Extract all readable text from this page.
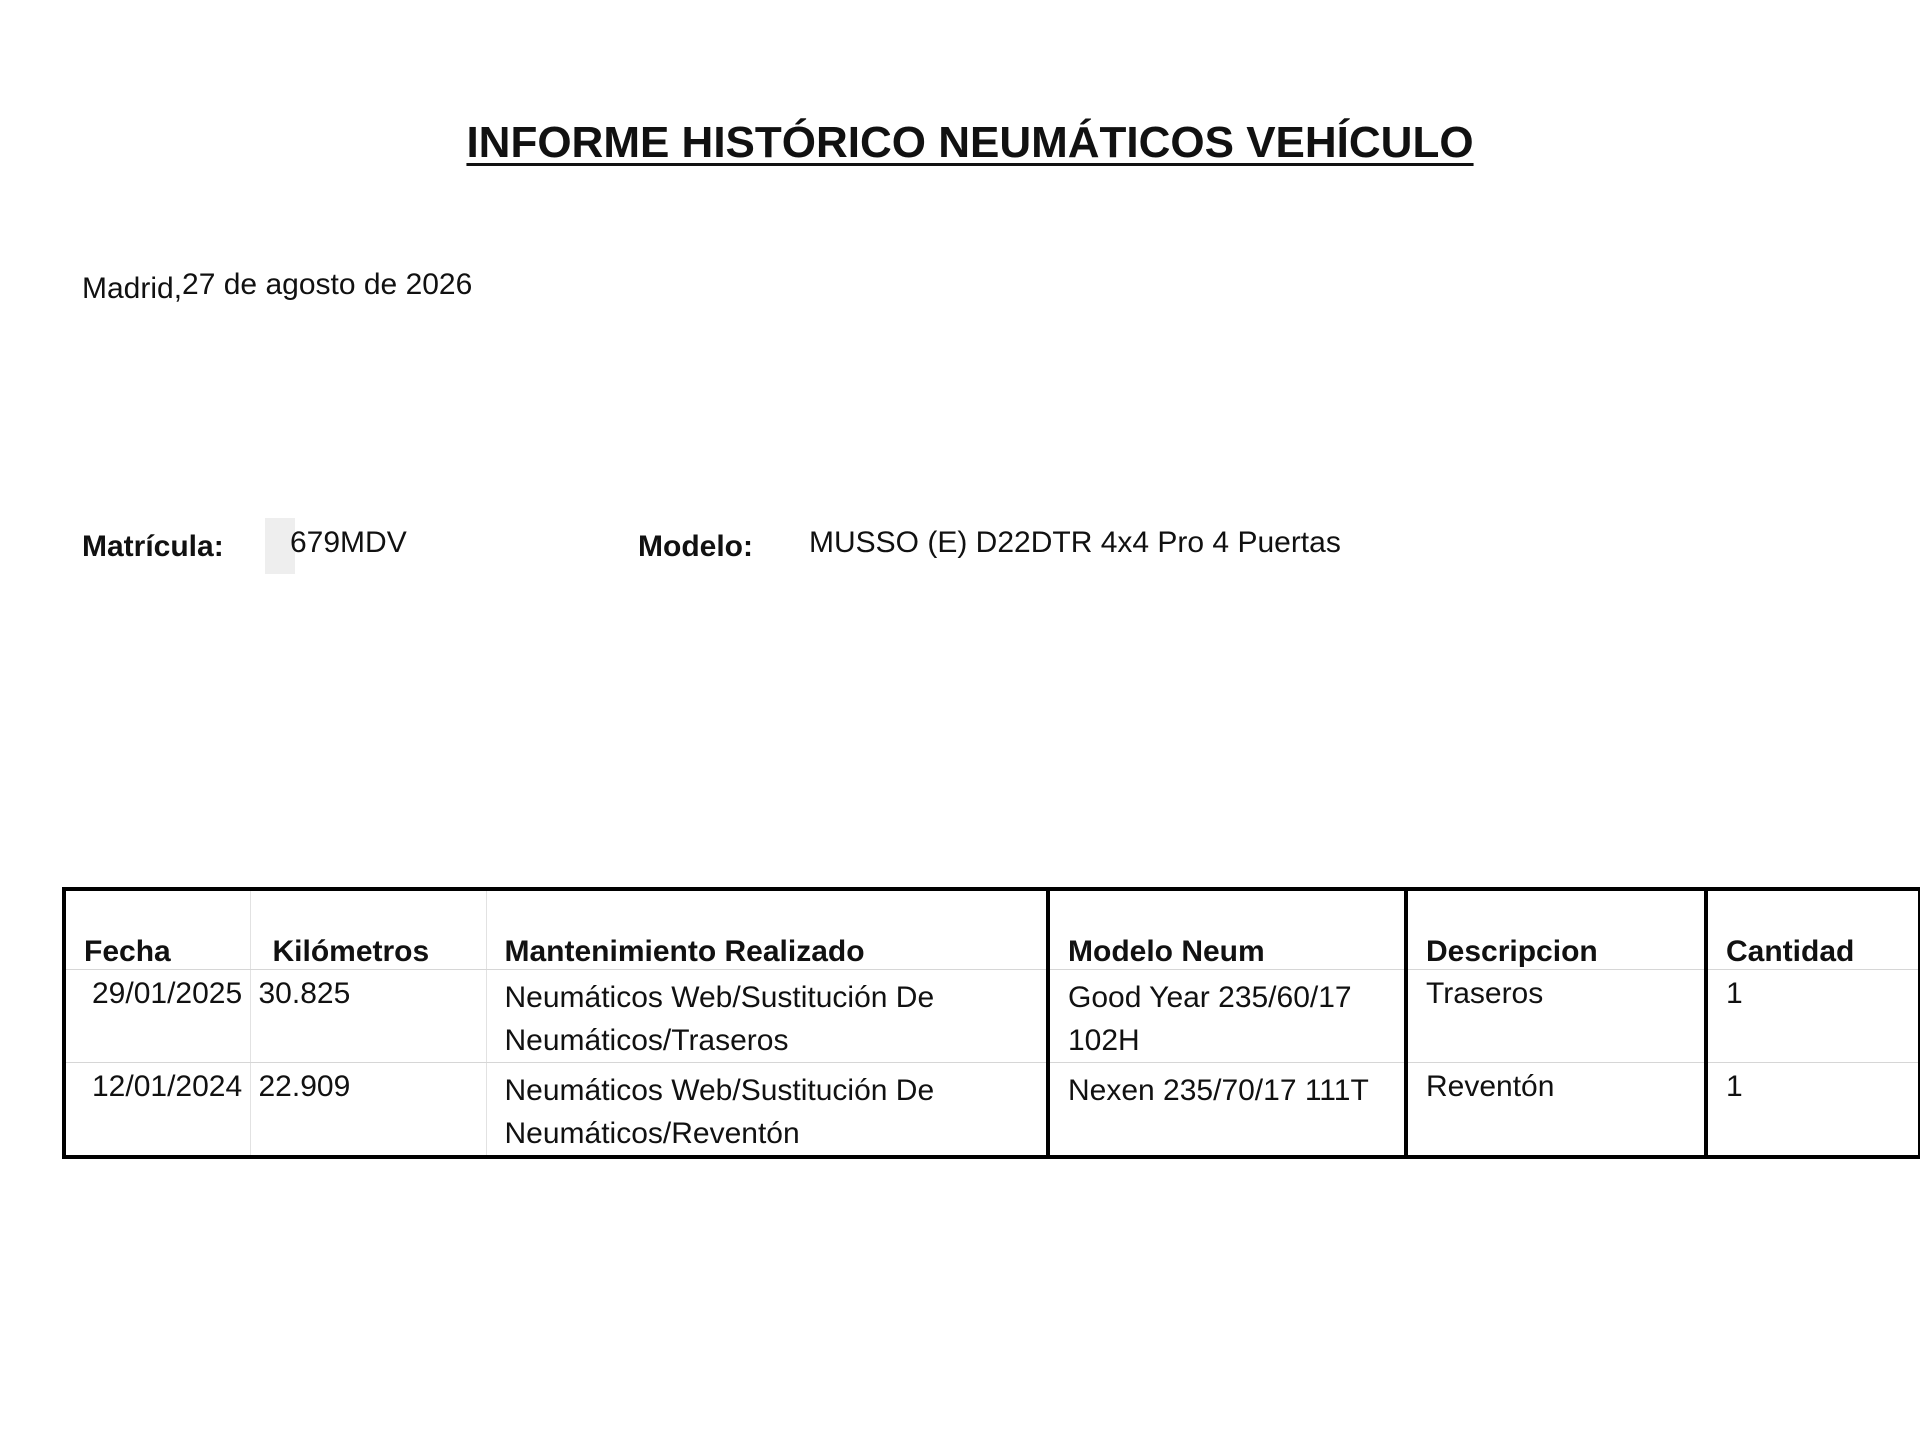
INFORME HISTÓRICO NEUMÁTICOS VEHÍCULO
Madrid,27 de agosto de 2026
Matrícula: 679MDV	Modelo: MUSSO (E) D22DTR 4x4 Pro 4 Puertas
Fecha	Kilómetros	Mantenimiento Realizado	Modelo Neum	Descripcion	Cantidad
29/01/2025	30.825	Neumáticos Web/Sustitución De Neumáticos/Traseros	Good Year 235/60/17 102H	Traseros	1
12/01/2024	22.909	Neumáticos Web/Sustitución De Neumáticos/Reventón	Nexen 235/70/17 111T	Reventón	1
